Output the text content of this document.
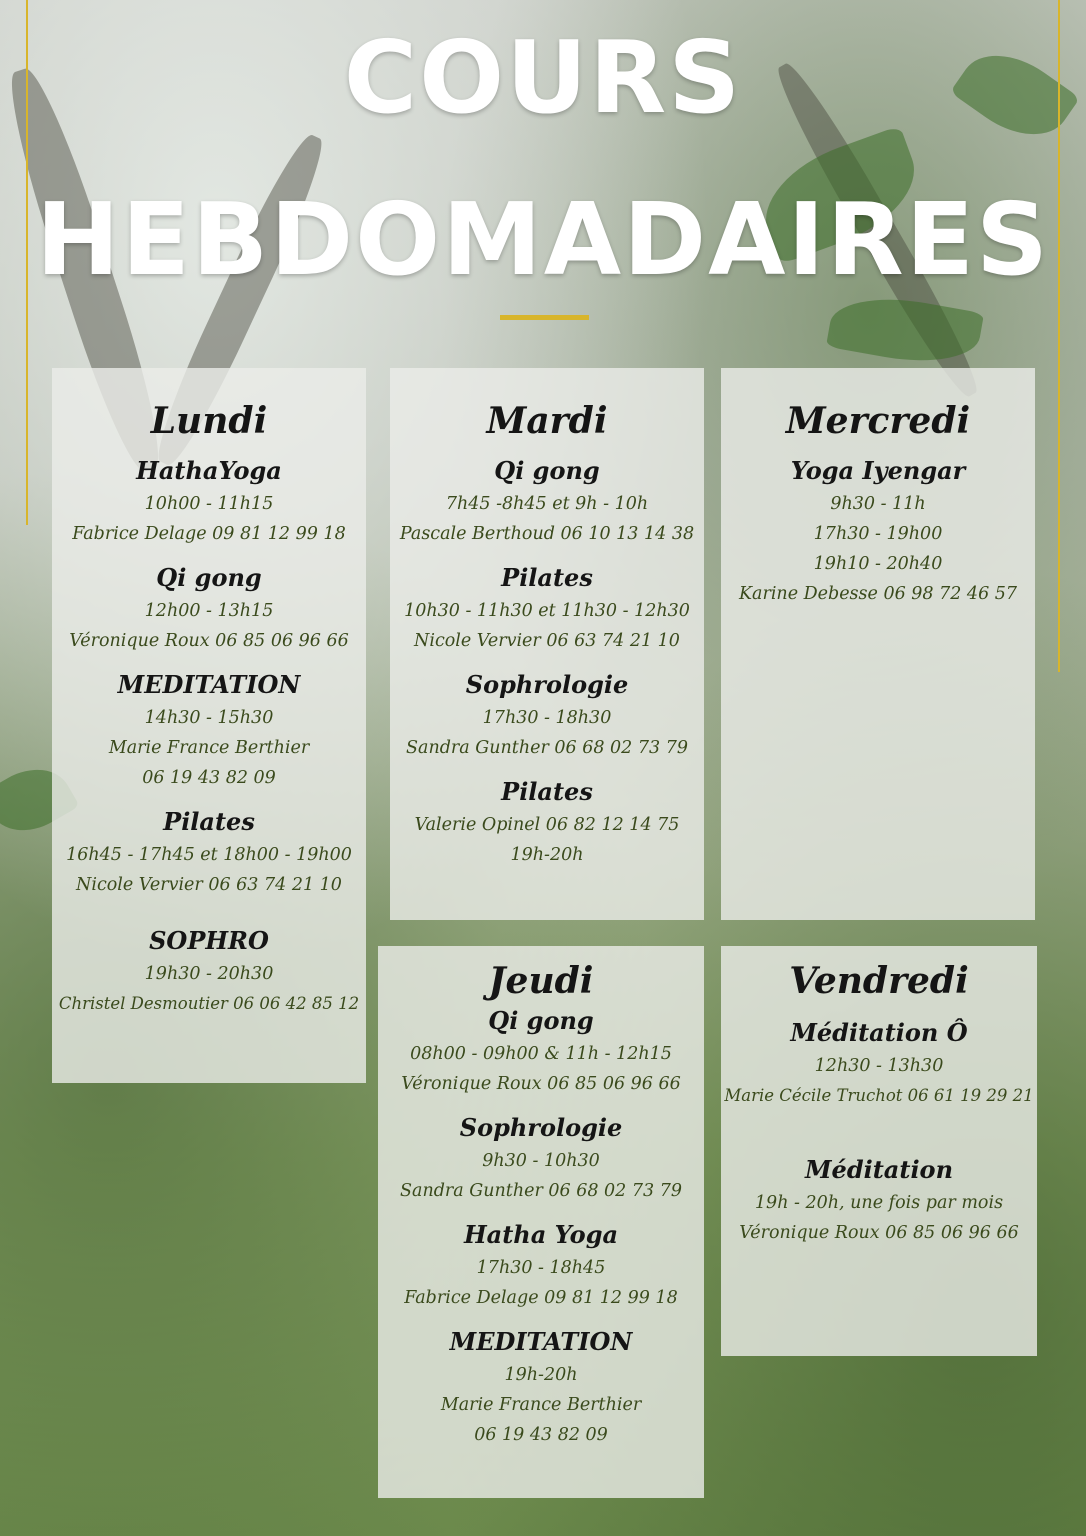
COURS
HEBDOMADAIRES
Lundi
HathaYoga
10h00 - 11h15
Fabrice Delage 09 81 12 99 18
Qi gong
12h00 - 13h15
Véronique Roux 06 85 06 96 66
MEDITATION
14h30 - 15h30
Marie France Berthier
06 19 43 82 09
Pilates
16h45 - 17h45 et 18h00 - 19h00
Nicole Vervier 06 63 74 21 10
SOPHRO
19h30 - 20h30
Christel Desmoutier 06 06 42 85 12
Mardi
Qi gong
7h45 -8h45 et 9h - 10h
Pascale Berthoud 06 10 13 14 38
Pilates
10h30 - 11h30 et 11h30 - 12h30
Nicole Vervier 06 63 74 21 10
Sophrologie
17h30 - 18h30
Sandra Gunther 06 68 02 73 79
Pilates
Valerie Opinel 06 82 12 14 75
19h-20h
Mercredi
Yoga Iyengar
9h30 - 11h
17h30 - 19h00
19h10 - 20h40
Karine Debesse 06 98 72 46 57
Jeudi
Qi gong
08h00 - 09h00 & 11h - 12h15
Véronique Roux 06 85 06 96 66
Sophrologie
9h30 - 10h30
Sandra Gunther 06 68 02 73 79
Hatha Yoga
17h30 - 18h45
Fabrice Delage 09 81 12 99 18
MEDITATION
19h-20h
Marie France Berthier
06 19 43 82 09
Vendredi
Méditation Ô
12h30 - 13h30
Marie Cécile Truchot 06 61 19 29 21
Méditation
19h - 20h, une fois par mois
Véronique Roux 06 85 06 96 66
